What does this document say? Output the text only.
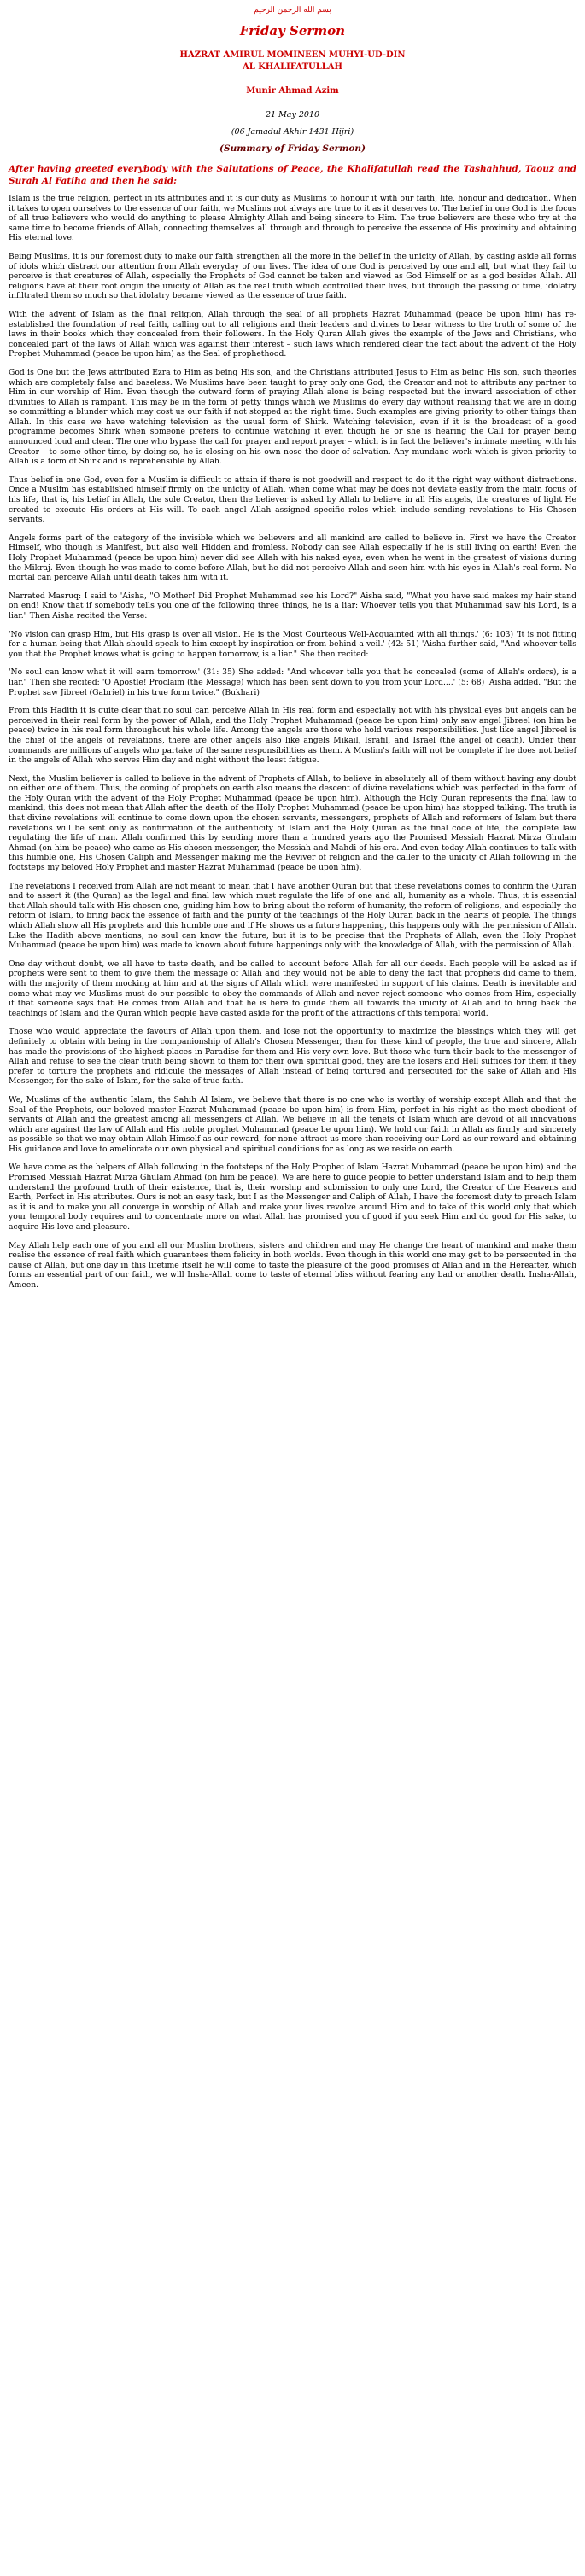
بسم الله الرحمن الرحيم
Friday Sermon
HAZRAT AMIRUL MOMINEEN MUHYI-UD-DIN
AL KHALIFATULLAH
Munir Ahmad Azim
21 May 2010
(06 Jamadul Akhir 1431 Hijri)
(Summary of Friday Sermon)
After having greeted everybody with the Salutations of Peace, the Khalifatullah read the Tashahhud, Taouz and Surah Al Fatiha and then he said:

Islam is the true religion, perfect in its attributes and it is our duty as Muslims to honour it with our faith, life, honour and dedication. When it takes to open ourselves to the essence of our faith, we Muslims not always are true to it as it deserves to. The belief in one God is the focus of all true believers who would do anything to please Almighty Allah and being sincere to Him. The true believers are those who try at the same time to become friends of Allah, connecting themselves all through and through to perceive the essence of His proximity and obtaining His eternal love.

Being Muslims, it is our foremost duty to make our faith strengthen all the more in the belief in the unicity of Allah, by casting aside all forms of idols which distract our attention from Allah everyday of our lives. The idea of one God is perceived by one and all, but what they fail to perceive is that creatures of Allah, especially the Prophets of God cannot be taken and viewed as God Himself or as a god besides Allah. All religions have at their root origin the unicity of Allah as the real truth which controlled their lives, but through the passing of time, idolatry infiltrated them so much so that idolatry became viewed as the essence of true faith.

With the advent of Islam as the final religion, Allah through the seal of all prophets Hazrat Muhammad (peace be upon him) has re-established the foundation of real faith, calling out to all religions and their leaders and divines to bear witness to the truth of some of the laws in their books which they concealed from their followers. In the Holy Quran Allah gives the example of the Jews and Christians, who concealed part of the laws of Allah which was against their interest – such laws which rendered clear the fact about the advent of the Holy Prophet Muhammad (peace be upon him) as the Seal of prophethood.

God is One but the Jews attributed Ezra to Him as being His son, and the Christians attributed Jesus to Him as being His son, such theories which are completely false and baseless. We Muslims have been taught to pray only one God, the Creator and not to attribute any partner to Him in our worship of Him. Even though the outward form of praying Allah alone is being respected but the inward association of other divinities to Allah is rampant. This may be in the form of petty things which we Muslims do every day without realising that we are in doing so committing a blunder which may cost us our faith if not stopped at the right time. Such examples are giving priority to other things than Allah. In this case we have watching television as the usual form of Shirk. Watching television, even if it is the broadcast of a good programme becomes Shirk when someone prefers to continue watching it even though he or she is hearing the Call for prayer being announced loud and clear. The one who bypass the call for prayer and report prayer – which is in fact the believer's intimate meeting with his Creator – to some other time, by doing so, he is closing on his own nose the door of salvation. Any mundane work which is given priority to Allah is a form of Shirk and is reprehensible by Allah.

Thus belief in one God, even for a Muslim is difficult to attain if there is not goodwill and respect to do it the right way without distractions. Once a Muslim has established himself firmly on the unicity of Allah, when come what may he does not deviate easily from the main focus of his life, that is, his belief in Allah, the sole Creator, then the believer is asked by Allah to believe in all His angels, the creatures of light He created to execute His orders at His will. To each angel Allah assigned specific roles which include sending revelations to His Chosen servants.

Angels forms part of the category of the invisible which we believers and all mankind are called to believe in. First we have the Creator Himself, who though is Manifest, but also well Hidden and fromless. Nobody can see Allah especially if he is still living on earth! Even the Holy Prophet Muhammad (peace be upon him) never did see Allah with his naked eyes, even when he went in the greatest of visions during the Mikraj. Even though he was made to come before Allah, but he did not perceive Allah and seen him with his eyes in Allah's real form. No mortal can perceive Allah until death takes him with it.

Narrated Masruq: I said to 'Aisha, "O Mother! Did Prophet Muhammad see his Lord?" Aisha said, "What you have said makes my hair stand on end! Know that if somebody tells you one of the following three things, he is a liar: Whoever tells you that Muhammad saw his Lord, is a liar." Then Aisha recited the Verse:

'No vision can grasp Him, but His grasp is over all vision. He is the Most Courteous Well-Acquainted with all things.' (6: 103) 'It is not fitting for a human being that Allah should speak to him except by inspiration or from behind a veil.' (42: 51) 'Aisha further said, "And whoever tells you that the Prophet knows what is going to happen tomorrow, is a liar." She then recited:

'No soul can know what it will earn tomorrow.' (31: 35) She added: "And whoever tells you that he concealed (some of Allah's orders), is a liar." Then she recited: 'O Apostle! Proclaim (the Message) which has been sent down to you from your Lord....' (5: 68) 'Aisha added. "But the Prophet saw Jibreel (Gabriel) in his true form twice." (Bukhari)

From this Hadith it is quite clear that no soul can perceive Allah in His real form and especially not with his physical eyes but angels can be perceived in their real form by the power of Allah, and the Holy Prophet Muhammad (peace be upon him) only saw angel Jibreel (on him be peace) twice in his real form throughout his whole life. Among the angels are those who hold various responsibilities. Just like angel Jibreel is the chief of the angels of revelations, there are other angels also like angels Mikail, Israfil, and Israel (the angel of death). Under their commands are millions of angels who partake of the same responsibilities as them. A Muslim's faith will not be complete if he does not belief in the angels of Allah who serves Him day and night without the least fatigue.

Next, the Muslim believer is called to believe in the advent of Prophets of Allah, to believe in absolutely all of them without having any doubt on either one of them. Thus, the coming of prophets on earth also means the descent of divine revelations which was perfected in the form of the Holy Quran with the advent of the Holy Prophet Muhammad (peace be upon him). Although the Holy Quran represents the final law to mankind, this does not mean that Allah after the death of the Holy Prophet Muhammad (peace be upon him) has stopped talking. The truth is that divine revelations will continue to come down upon the chosen servants, messengers, prophets of Allah and reformers of Islam but there revelations will be sent only as confirmation of the authenticity of Islam and the Holy Quran as the final code of life, the complete law regulating the life of man. Allah confirmed this by sending more than a hundred years ago the Promised Messiah Hazrat Mirza Ghulam Ahmad (on him be peace) who came as His chosen messenger, the Messiah and Mahdi of his era. And even today Allah continues to talk with this humble one, His Chosen Caliph and Messenger making me the Reviver of religion and the caller to the unicity of Allah following in the footsteps my beloved Holy Prophet and master Hazrat Muhammad (peace be upon him).

The revelations I received from Allah are not meant to mean that I have another Quran but that these revelations comes to confirm the Quran and to assert it (the Quran) as the legal and final law which must regulate the life of one and all, humanity as a whole. Thus, it is essential that Allah should talk with His chosen one, guiding him how to bring about the reform of humanity, the reform of religions, and especially the reform of Islam, to bring back the essence of faith and the purity of the teachings of the Holy Quran back in the hearts of people. The things which Allah show all His prophets and this humble one and if He shows us a future happening, this happens only with the permission of Allah. Like the Hadith above mentions, no soul can know the future, but it is to be precise that the Prophets of Allah, even the Holy Prophet Muhammad (peace be upon him) was made to known about future happenings only with the knowledge of Allah, with the permission of Allah.

One day without doubt, we all have to taste death, and be called to account before Allah for all our deeds. Each people will be asked as if prophets were sent to them to give them the message of Allah and they would not be able to deny the fact that prophets did came to them, with the majority of them mocking at him and at the signs of Allah which were manifested in support of his claims. Death is inevitable and come what may we Muslims must do our possible to obey the commands of Allah and never reject someone who comes from Him, especially if that someone says that He comes from Allah and that he is here to guide them all towards the unicity of Allah and to bring back the teachings of Islam and the Quran which people have casted aside for the profit of the attractions of this temporal world.

Those who would appreciate the favours of Allah upon them, and lose not the opportunity to maximize the blessings which they will get definitely to obtain with being in the companionship of Allah's Chosen Messenger, then for these kind of people, the true and sincere, Allah has made the provisions of the highest places in Paradise for them and His very own love. But those who turn their back to the messenger of Allah and refuse to see the clear truth being shown to them for their own spiritual good, they are the losers and Hell suffices for them if they prefer to torture the prophets and ridicule the messages of Allah instead of being tortured and persecuted for the sake of Allah and His Messenger, for the sake of Islam, for the sake of true faith.

We, Muslims of the authentic Islam, the Sahih Al Islam, we believe that there is no one who is worthy of worship except Allah and that the Seal of the Prophets, our beloved master Hazrat Muhammad (peace be upon him) is from Him, perfect in his right as the most obedient of servants of Allah and the greatest among all messengers of Allah. We believe in all the tenets of Islam which are devoid of all innovations which are against the law of Allah and His noble prophet Muhammad (peace be upon him). We hold our faith in Allah as firmly and sincerely as possible so that we may obtain Allah Himself as our reward, for none attract us more than receiving our Lord as our reward and obtaining His guidance and love to ameliorate our own physical and spiritual conditions for as long as we reside on earth.

We have come as the helpers of Allah following in the footsteps of the Holy Prophet of Islam Hazrat Muhammad (peace be upon him) and the Promised Messiah Hazrat Mirza Ghulam Ahmad (on him be peace). We are here to guide people to better understand Islam and to help them understand the profound truth of their existence, that is, their worship and submission to only one Lord, the Creator of the Heavens and Earth, Perfect in His attributes. Ours is not an easy task, but I as the Messenger and Caliph of Allah, I have the foremost duty to preach Islam as it is and to make you all converge in worship of Allah and make your lives revolve around Him and to take of this world only that which your temporal body requires and to concentrate more on what Allah has promised you of good if you seek Him and do good for His sake, to acquire His love and pleasure.

May Allah help each one of you and all our Muslim brothers, sisters and children and may He change the heart of mankind and make them realise the essence of real faith which guarantees them felicity in both worlds. Even though in this world one may get to be persecuted in the cause of Allah, but one day in this lifetime itself he will come to taste the pleasure of the good promises of Allah and in the Hereafter, which forms an essential part of our faith, we will Insha-Allah come to taste of eternal bliss without fearing any bad or another death. Insha-Allah, Ameen.
